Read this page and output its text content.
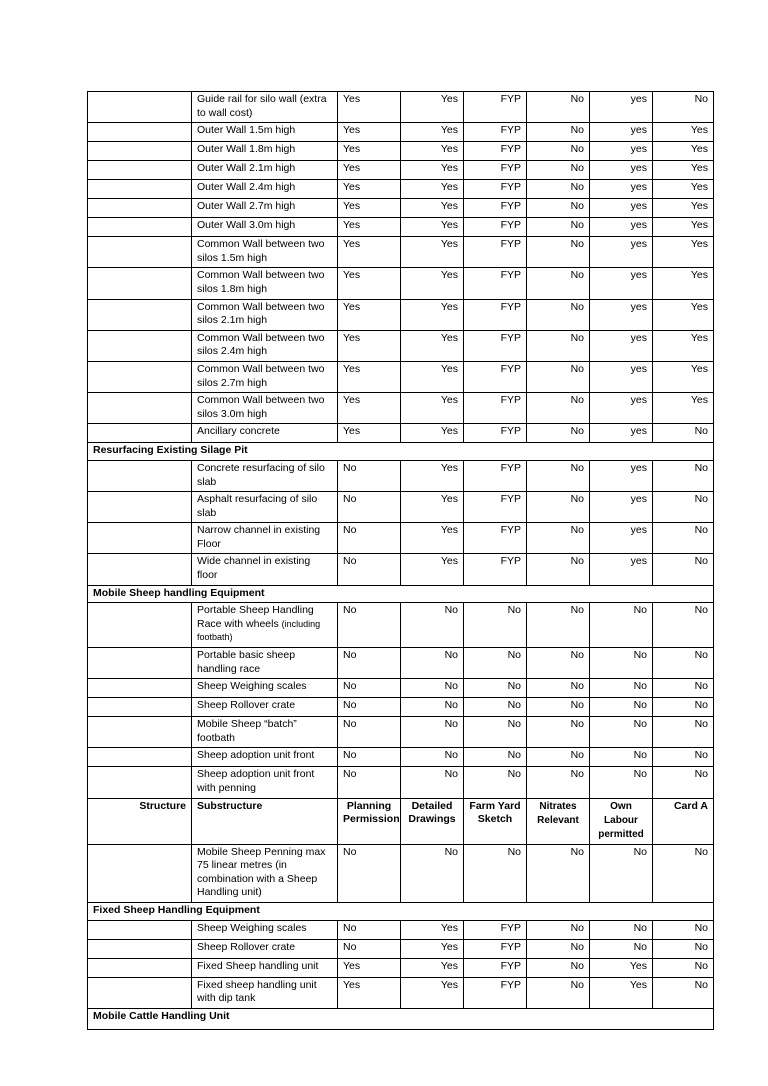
	Guide rail for silo wall (extra to wall cost)	Yes	Yes	FYP	No	yes	No
	Outer Wall 1.5m high	Yes	Yes	FYP	No	yes	Yes
	Outer Wall 1.8m high	Yes	Yes	FYP	No	yes	Yes
	Outer Wall 2.1m high	Yes	Yes	FYP	No	yes	Yes
	Outer Wall 2.4m high	Yes	Yes	FYP	No	yes	Yes
	Outer Wall 2.7m high	Yes	Yes	FYP	No	yes	Yes
	Outer Wall 3.0m high	Yes	Yes	FYP	No	yes	Yes
	Common Wall between two silos 1.5m high	Yes	Yes	FYP	No	yes	Yes
	Common Wall between two silos 1.8m high	Yes	Yes	FYP	No	yes	Yes
	Common Wall between two silos 2.1m high	Yes	Yes	FYP	No	yes	Yes
	Common Wall between two silos 2.4m high	Yes	Yes	FYP	No	yes	Yes
	Common Wall between two silos 2.7m high	Yes	Yes	FYP	No	yes	Yes
	Common Wall between two silos 3.0m high	Yes	Yes	FYP	No	yes	Yes
	Ancillary concrete	Yes	Yes	FYP	No	yes	No
Resurfacing Existing Silage Pit							
	Concrete resurfacing of silo slab	No	Yes	FYP	No	yes	No
	Asphalt resurfacing of silo slab	No	Yes	FYP	No	yes	No
	Narrow channel in existing Floor	No	Yes	FYP	No	yes	No
	Wide channel in existing floor	No	Yes	FYP	No	yes	No
Mobile Sheep handling Equipment							
	Portable Sheep Handling Race with wheels (including footbath)	No	No	No	No	No	No
	Portable basic sheep handling race	No	No	No	No	No	No
	Sheep Weighing scales	No	No	No	No	No	No
	Sheep Rollover crate	No	No	No	No	No	No
	Mobile Sheep “batch” footbath	No	No	No	No	No	No
	Sheep adoption unit front	No	No	No	No	No	No
	Sheep adoption unit front with penning	No	No	No	No	No	No
Structure	Substructure	Planning Permission	Detailed Drawings	Farm Yard Sketch	Nitrates Relevant	Own Labour permitted	Card A
	Mobile Sheep Penning max 75 linear metres (in combination with a Sheep Handling unit)	No	No	No	No	No	No
Fixed Sheep Handling Equipment							
	Sheep Weighing scales	No	Yes	FYP	No	No	No
	Sheep Rollover crate	No	Yes	FYP	No	No	No
	Fixed Sheep handling unit	Yes	Yes	FYP	No	Yes	No
	Fixed sheep handling unit with dip tank	Yes	Yes	FYP	No	Yes	No
Mobile Cattle Handling Unit							
